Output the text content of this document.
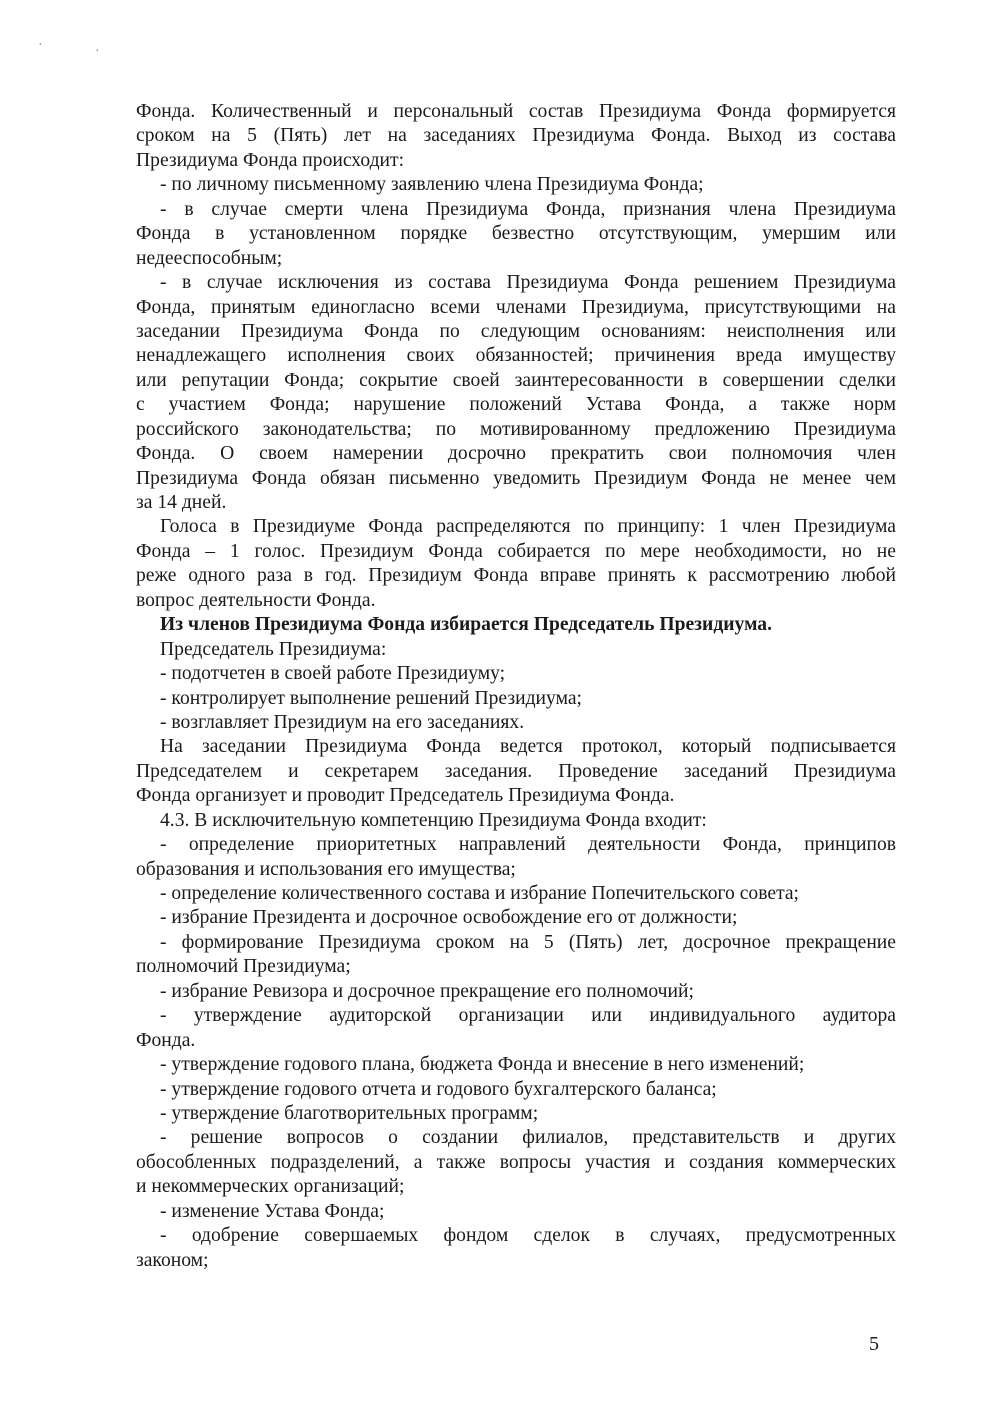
·	·

Фонда. Количественный и персональный состав Президиума Фонда формируется

сроком на 5 (Пять) лет на заседаниях Президиума Фонда. Выход из состава

Президиума Фонда происходит:

- по личному письменному заявлению члена Президиума Фонда;

- в случае смерти члена Президиума Фонда, признания члена Президиума

Фонда в установленном порядке безвестно отсутствующим, умершим или

недееспособным;

- в случае исключения из состава Президиума Фонда решением Президиума

Фонда, принятым единогласно всеми членами Президиума, присутствующими на

заседании Президиума Фонда по следующим основаниям: неисполнения или

ненадлежащего исполнения своих обязанностей; причинения вреда имуществу

или репутации Фонда; сокрытие своей заинтересованности в совершении сделки

с участием Фонда; нарушение положений Устава Фонда, а также норм

российского законодательства; по мотивированному предложению Президиума

Фонда. О своем намерении досрочно прекратить свои полномочия член

Президиума Фонда обязан письменно уведомить Президиум Фонда не менее чем

за 14 дней.

Голоса в Президиуме Фонда распределяются по принципу: 1 член Президиума

Фонда – 1 голос. Президиум Фонда собирается по мере необходимости, но не

реже одного раза в год. Президиум Фонда вправе принять к рассмотрению любой

вопрос деятельности Фонда.

Из членов Президиума Фонда избирается Председатель Президиума.

Председатель Президиума:

- подотчетен в своей работе Президиуму;

- контролирует выполнение решений Президиума;

- возглавляет Президиум на его заседаниях.

На заседании Президиума Фонда ведется протокол, который подписывается

Председателем и секретарем заседания. Проведение заседаний Президиума

Фонда организует и проводит Председатель Президиума Фонда.

4.3. В исключительную компетенцию Президиума Фонда входит:

- определение приоритетных направлений деятельности Фонда, принципов

образования и использования его имущества;

- определение количественного состава и избрание Попечительского совета;

- избрание Президента и досрочное освобождение его от должности;

- формирование Президиума сроком на 5 (Пять) лет, досрочное прекращение

полномочий Президиума;

- избрание Ревизора и досрочное прекращение его полномочий;

- утверждение аудиторской организации или индивидуального аудитора

Фонда.

- утверждение годового плана, бюджета Фонда и внесение в него изменений;

- утверждение годового отчета и годового бухгалтерского баланса;

- утверждение благотворительных программ;

- решение вопросов о создании филиалов, представительств и других

обособленных подразделений, а также вопросы участия и создания коммерческих

и некоммерческих организаций;

- изменение Устава Фонда;

- одобрение совершаемых фондом сделок в случаях, предусмотренных

законом;

5
